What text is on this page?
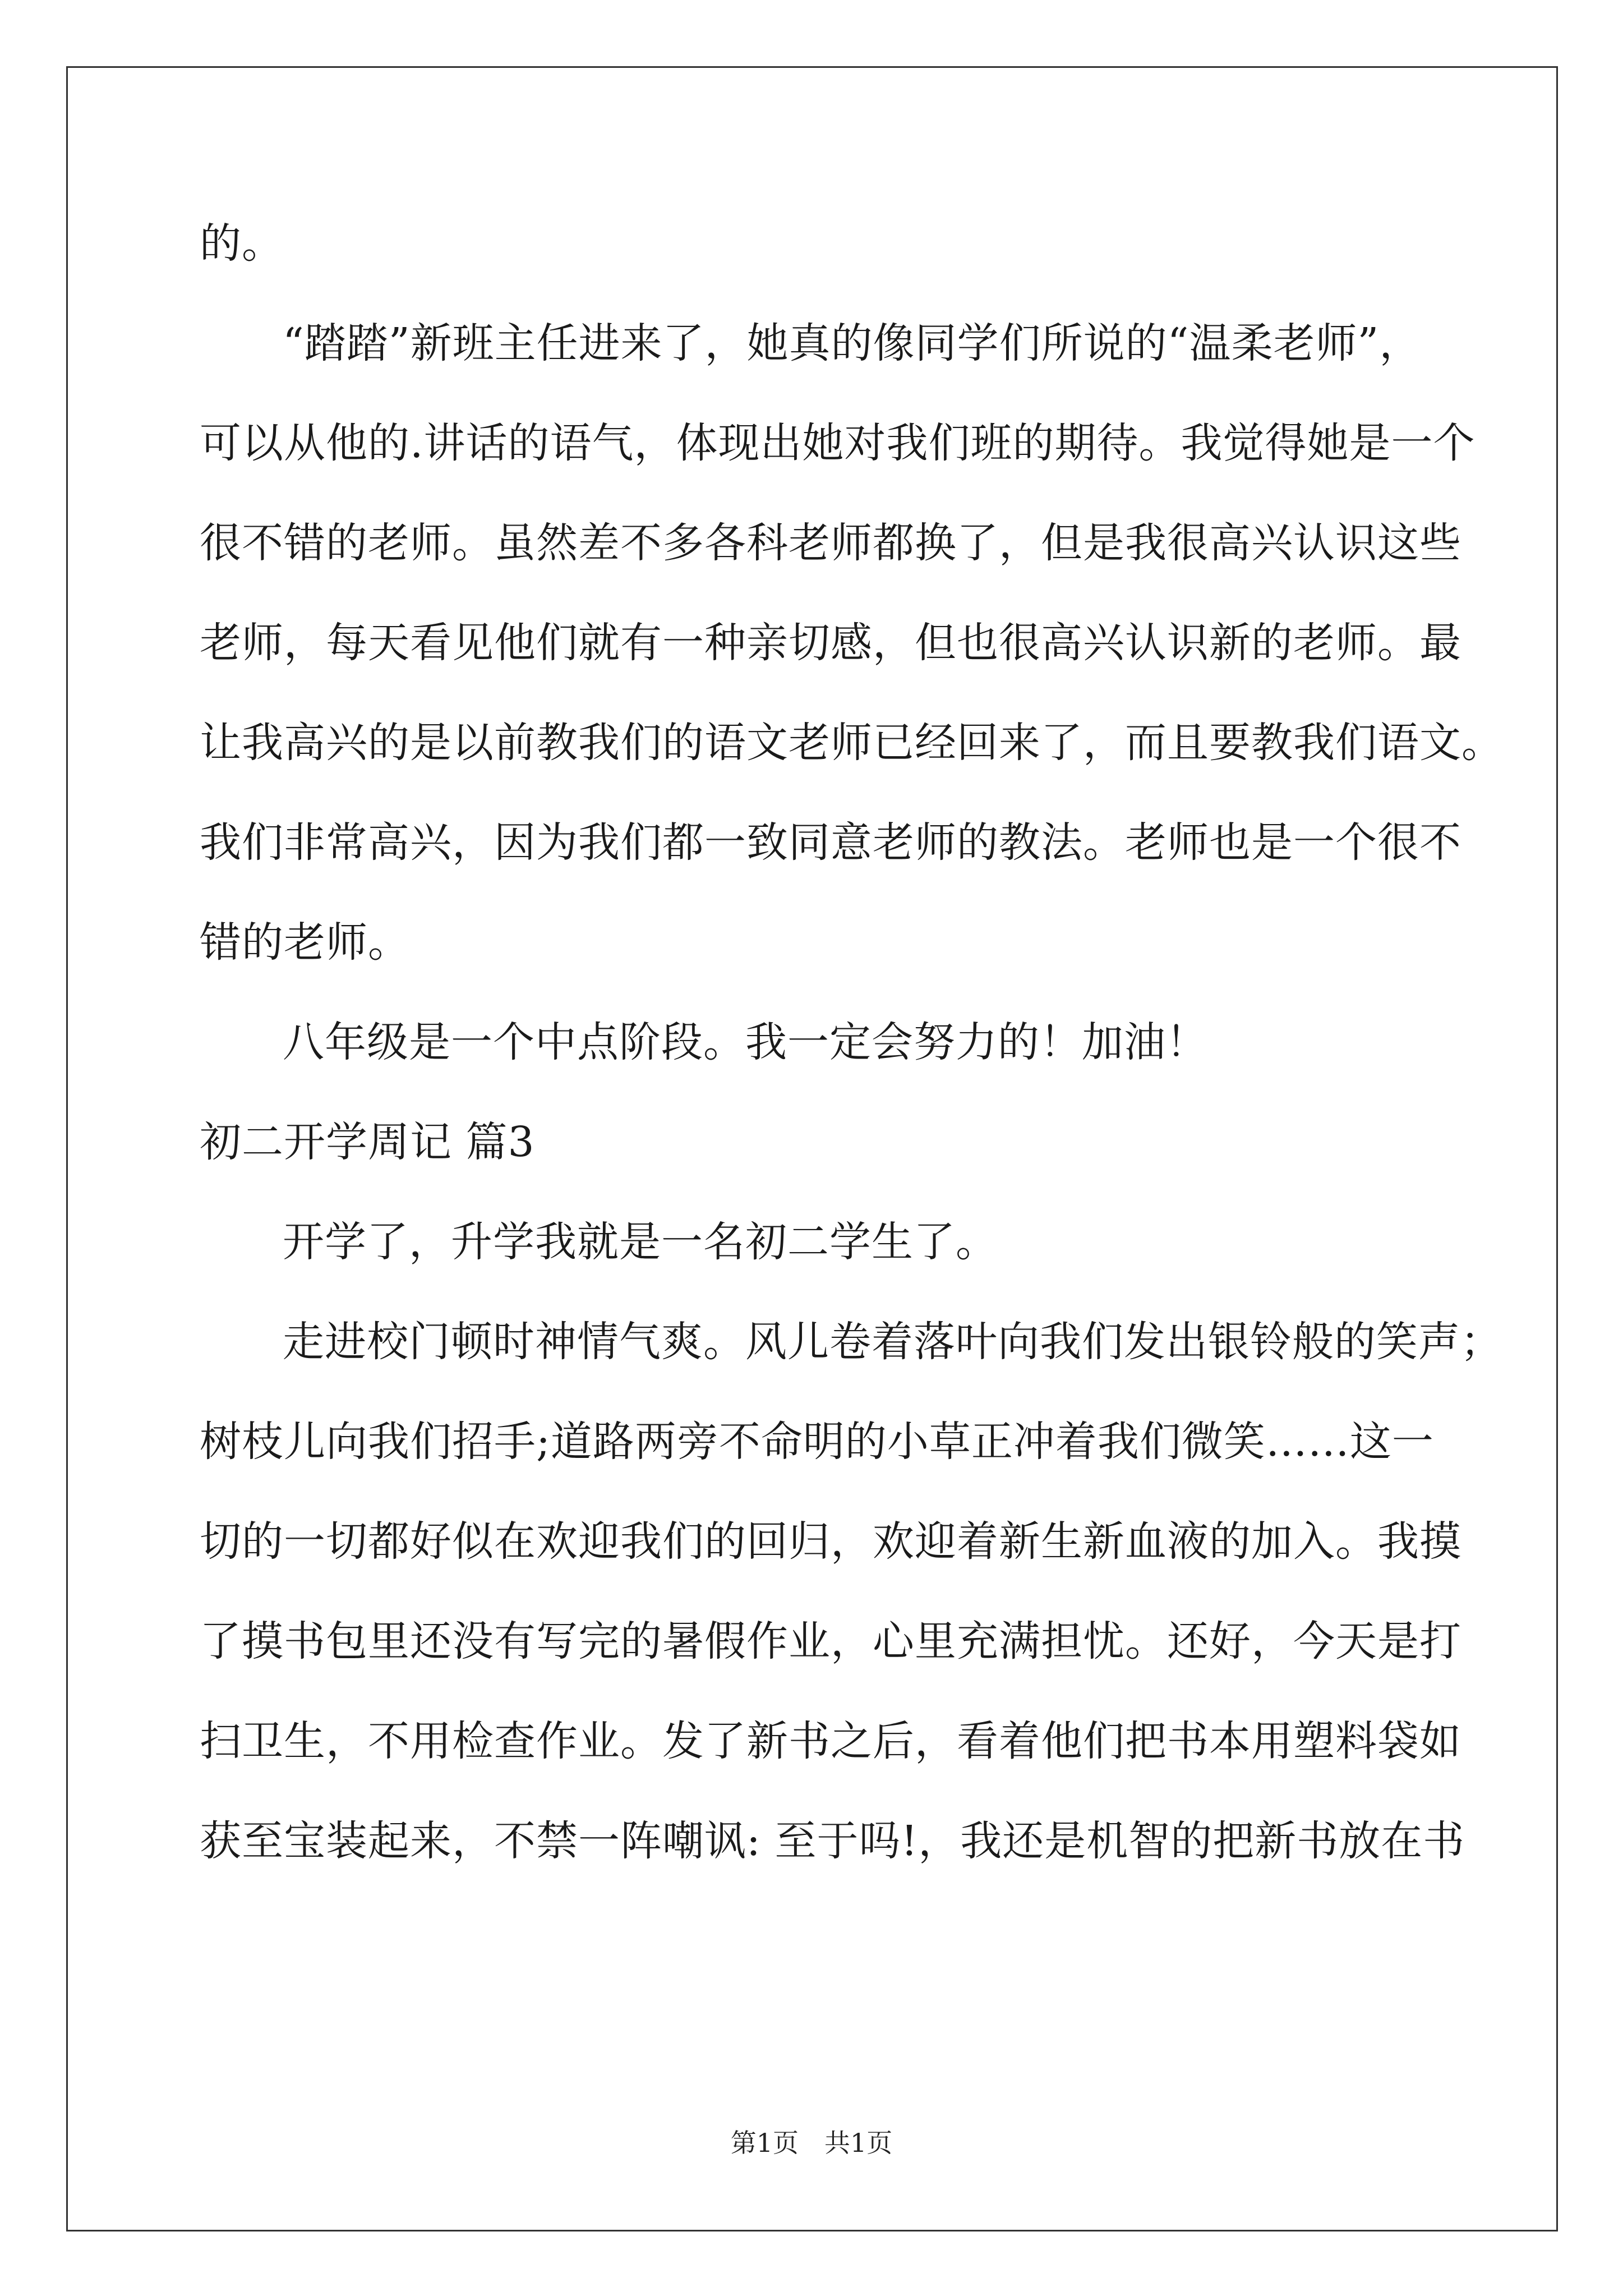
的。
“踏踏”新班主任进来了，她真的像同学们所说的“温柔老师”，
可以从他的.讲话的语气，体现出她对我们班的期待。我觉得她是一个
很不错的老师。虽然差不多各科老师都换了，但是我很高兴认识这些
老师，每天看见他们就有一种亲切感，但也很高兴认识新的老师。最
让我高兴的是以前教我们的语文老师已经回来了，而且要教我们语文。
我们非常高兴，因为我们都一致同意老师的教法。老师也是一个很不
错的老师。
八年级是一个中点阶段。我一定会努力的！加油！
初二开学周记 篇3
开学了，升学我就是一名初二学生了。
走进校门顿时神情气爽。风儿卷着落叶向我们发出银铃般的笑声；
树枝儿向我们招手;道路两旁不命明的小草正冲着我们微笑……这一
切的一切都好似在欢迎我们的回归，欢迎着新生新血液的加入。我摸
了摸书包里还没有写完的暑假作业，心里充满担忧。还好，今天是打
扫卫生，不用检查作业。发了新书之后，看着他们把书本用塑料袋如
获至宝装起来，不禁一阵嘲讽: 至于吗!，我还是机智的把新书放在书
第1页　共1页
